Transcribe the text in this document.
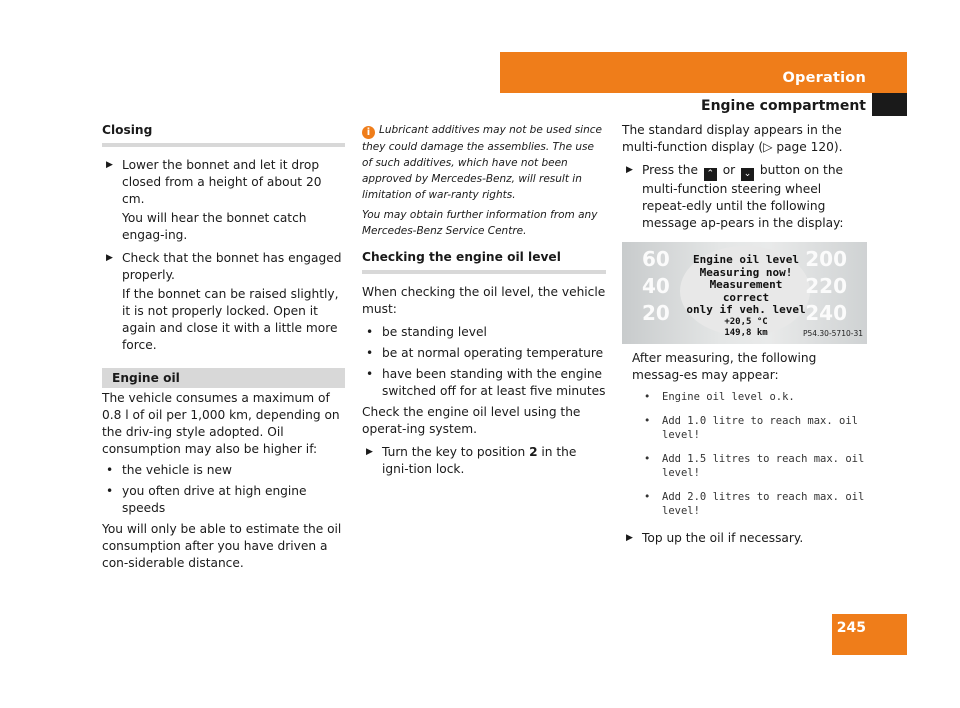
Operation
Engine compartment
Closing
▶ Lower the bonnet and let it drop closed from a height of about 20 cm.
You will hear the bonnet catch engag-ing.
▶ Check that the bonnet has engaged properly.
If the bonnet can be raised slightly, it is not properly locked. Open it again and close it with a little more force.
Engine oil
The vehicle consumes a maximum of 0.8 l of oil per 1,000 km, depending on the driv-ing style adopted. Oil consumption may also be higher if:
• the vehicle is new
• you often drive at high engine speeds
You will only be able to estimate the oil consumption after you have driven a con-siderable distance.
i Lubricant additives may not be used since they could damage the assemblies. The use of such additives, which have not been approved by Mercedes-Benz, will result in limitation of war-ranty rights.
You may obtain further information from any Mercedes-Benz Service Centre.
Checking the engine oil level
When checking the oil level, the vehicle must:
• be standing level
• be at normal operating temperature
• have been standing with the engine switched off for at least five minutes
Check the engine oil level using the operat-ing system.
▶ Turn the key to position 2 in the igni-tion lock.
The standard display appears in the multi-function display (▷ page 120).
▶ Press the ⌃ or ⌄ button on the multi-function steering wheel repeat-edly until the following message ap-pears in the display:
60
40
20
Engine oil level
Measuring now!
Measurement
correct
only if veh. level
+20,5 °C
149,8 km
200
220
240
P54.30-5710-31
After measuring, the following messag-es may appear:
• Engine oil level o.k.
• Add 1.0 litre to reach max. oil level!
• Add 1.5 litres to reach max. oil level!
• Add 2.0 litres to reach max. oil level!
▶ Top up the oil if necessary.
245
